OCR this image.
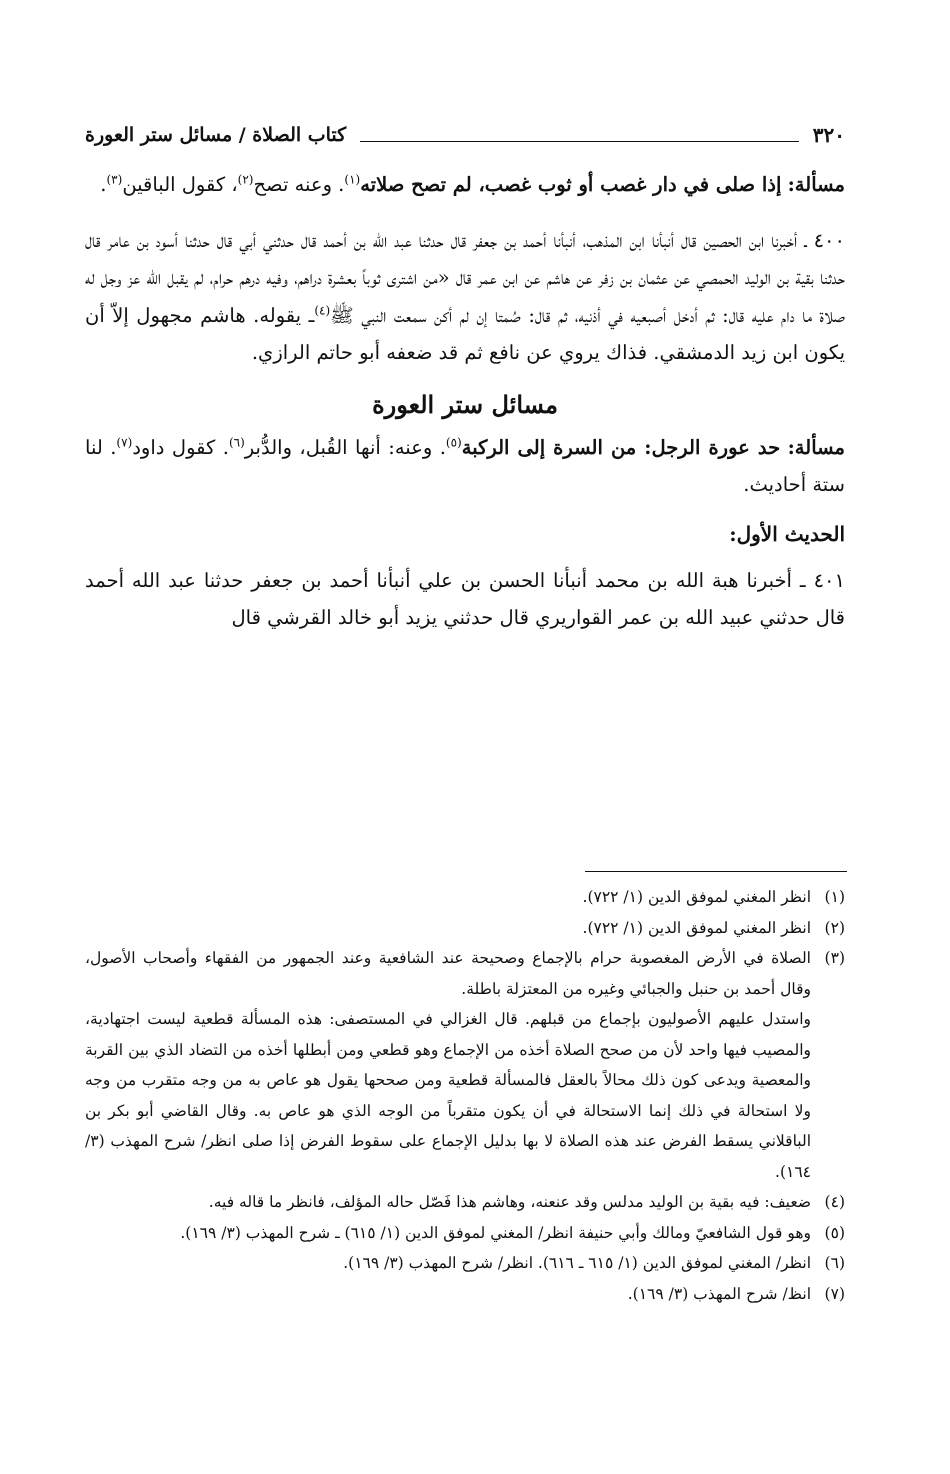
٣٢٠
كتاب الصلاة / مسائل ستر العورة

مسألة: إذا صلى في دار غصب أو ثوب غصب، لم تصح صلاته$^{(١)}$. وعنه تصح$^{(٢)}$، كقول الباقين$^{(٣)}$.

٤٠٠ ـ أخبرنا ابن الحصين قال أنبأنا ابن المذهب، أنبأنا أحمد بن جعفر قال حدثنا عبد الله بن أحمد قال حدثني أبي قال حدثنا أسود بن عامر قال حدثنا بقية بن الوليد الحمصي عن عثمان بن زفر عن هاشم عن ابن عمر قال «من اشترى ثوباً بعشرة دراهم، وفيه درهم حرام، لم يقبل الله عز وجل له صلاة ما دام عليه قال: ثم أدخل أصبعيه في أذنيه، ثم قال: صُمتا إن لم أكن سمعت النبي ﷺ$^{(٤)}$ـ يقوله. هاشم مجهول إلاّ أن يكون ابن زيد الدمشقي. فذاك يروي عن نافع ثم قد ضعفه أبو حاتم الرازي.

مسائل ستر العورة

مسألة: حد عورة الرجل: من السرة إلى الركبة$^{(٥)}$. وعنه: أنها القُبل، والدُّبر$^{(٦)}$. كقول داود$^{(٧)}$. لنا ستة أحاديث.

الحديث الأول:

٤٠١ ـ أخبرنا هبة الله بن محمد أنبأنا الحسن بن علي أنبأنا أحمد بن جعفر حدثنا عبد الله أحمد قال حدثني عبيد الله بن عمر القواريري قال حدثني يزيد أبو خالد القرشي قال

(١)
انظر المغني لموفق الدين (١/ ٧٢٢).
(٢)
انظر المغني لموفق الدين (١/ ٧٢٢).
(٣)
الصلاة في الأرض المغصوبة حرام بالإجماع وصحيحة عند الشافعية وعند الجمهور من الفقهاء وأصحاب الأصول، وقال أحمد بن حنبل والجبائي وغيره من المعتزلة باطلة.
واستدل عليهم الأصوليون بإجماع من قبلهم. قال الغزالي في المستصفى: هذه المسألة قطعية ليست اجتهادية، والمصيب فيها واحد لأن من صحح الصلاة أخذه من الإجماع وهو قطعي ومن أبطلها أخذه من التضاد الذي بين القربة والمعصية ويدعى كون ذلك محالاً بالعقل فالمسألة قطعية ومن صححها يقول هو عاص به من وجه متقرب من وجه ولا استحالة في ذلك إنما الاستحالة في أن يكون متقرباً من الوجه الذي هو عاص به. وقال القاضي أبو بكر بن الباقلاني يسقط الفرض عند هذه الصلاة لا بها بدليل الإجماع على سقوط الفرض إذا صلى انظر/ شرح المهذب (٣/ ١٦٤).
(٤)
ضعيف: فيه بقية بن الوليد مدلس وقد عنعنه، وهاشم هذا فَصّل حاله المؤلف، فانظر ما قاله فيه.
(٥)
وهو قول الشافعيّ ومالك وأبي حنيفة انظر/ المغني لموفق الدين (١/ ٦١٥) ـ شرح المهذب (٣/ ١٦٩).
(٦)
انظر/ المغني لموفق الدين (١/ ٦١٥ ـ ٦١٦). انظر/ شرح المهذب (٣/ ١٦٩).
(٧)
انظ/ شرح المهذب (٣/ ١٦٩).
